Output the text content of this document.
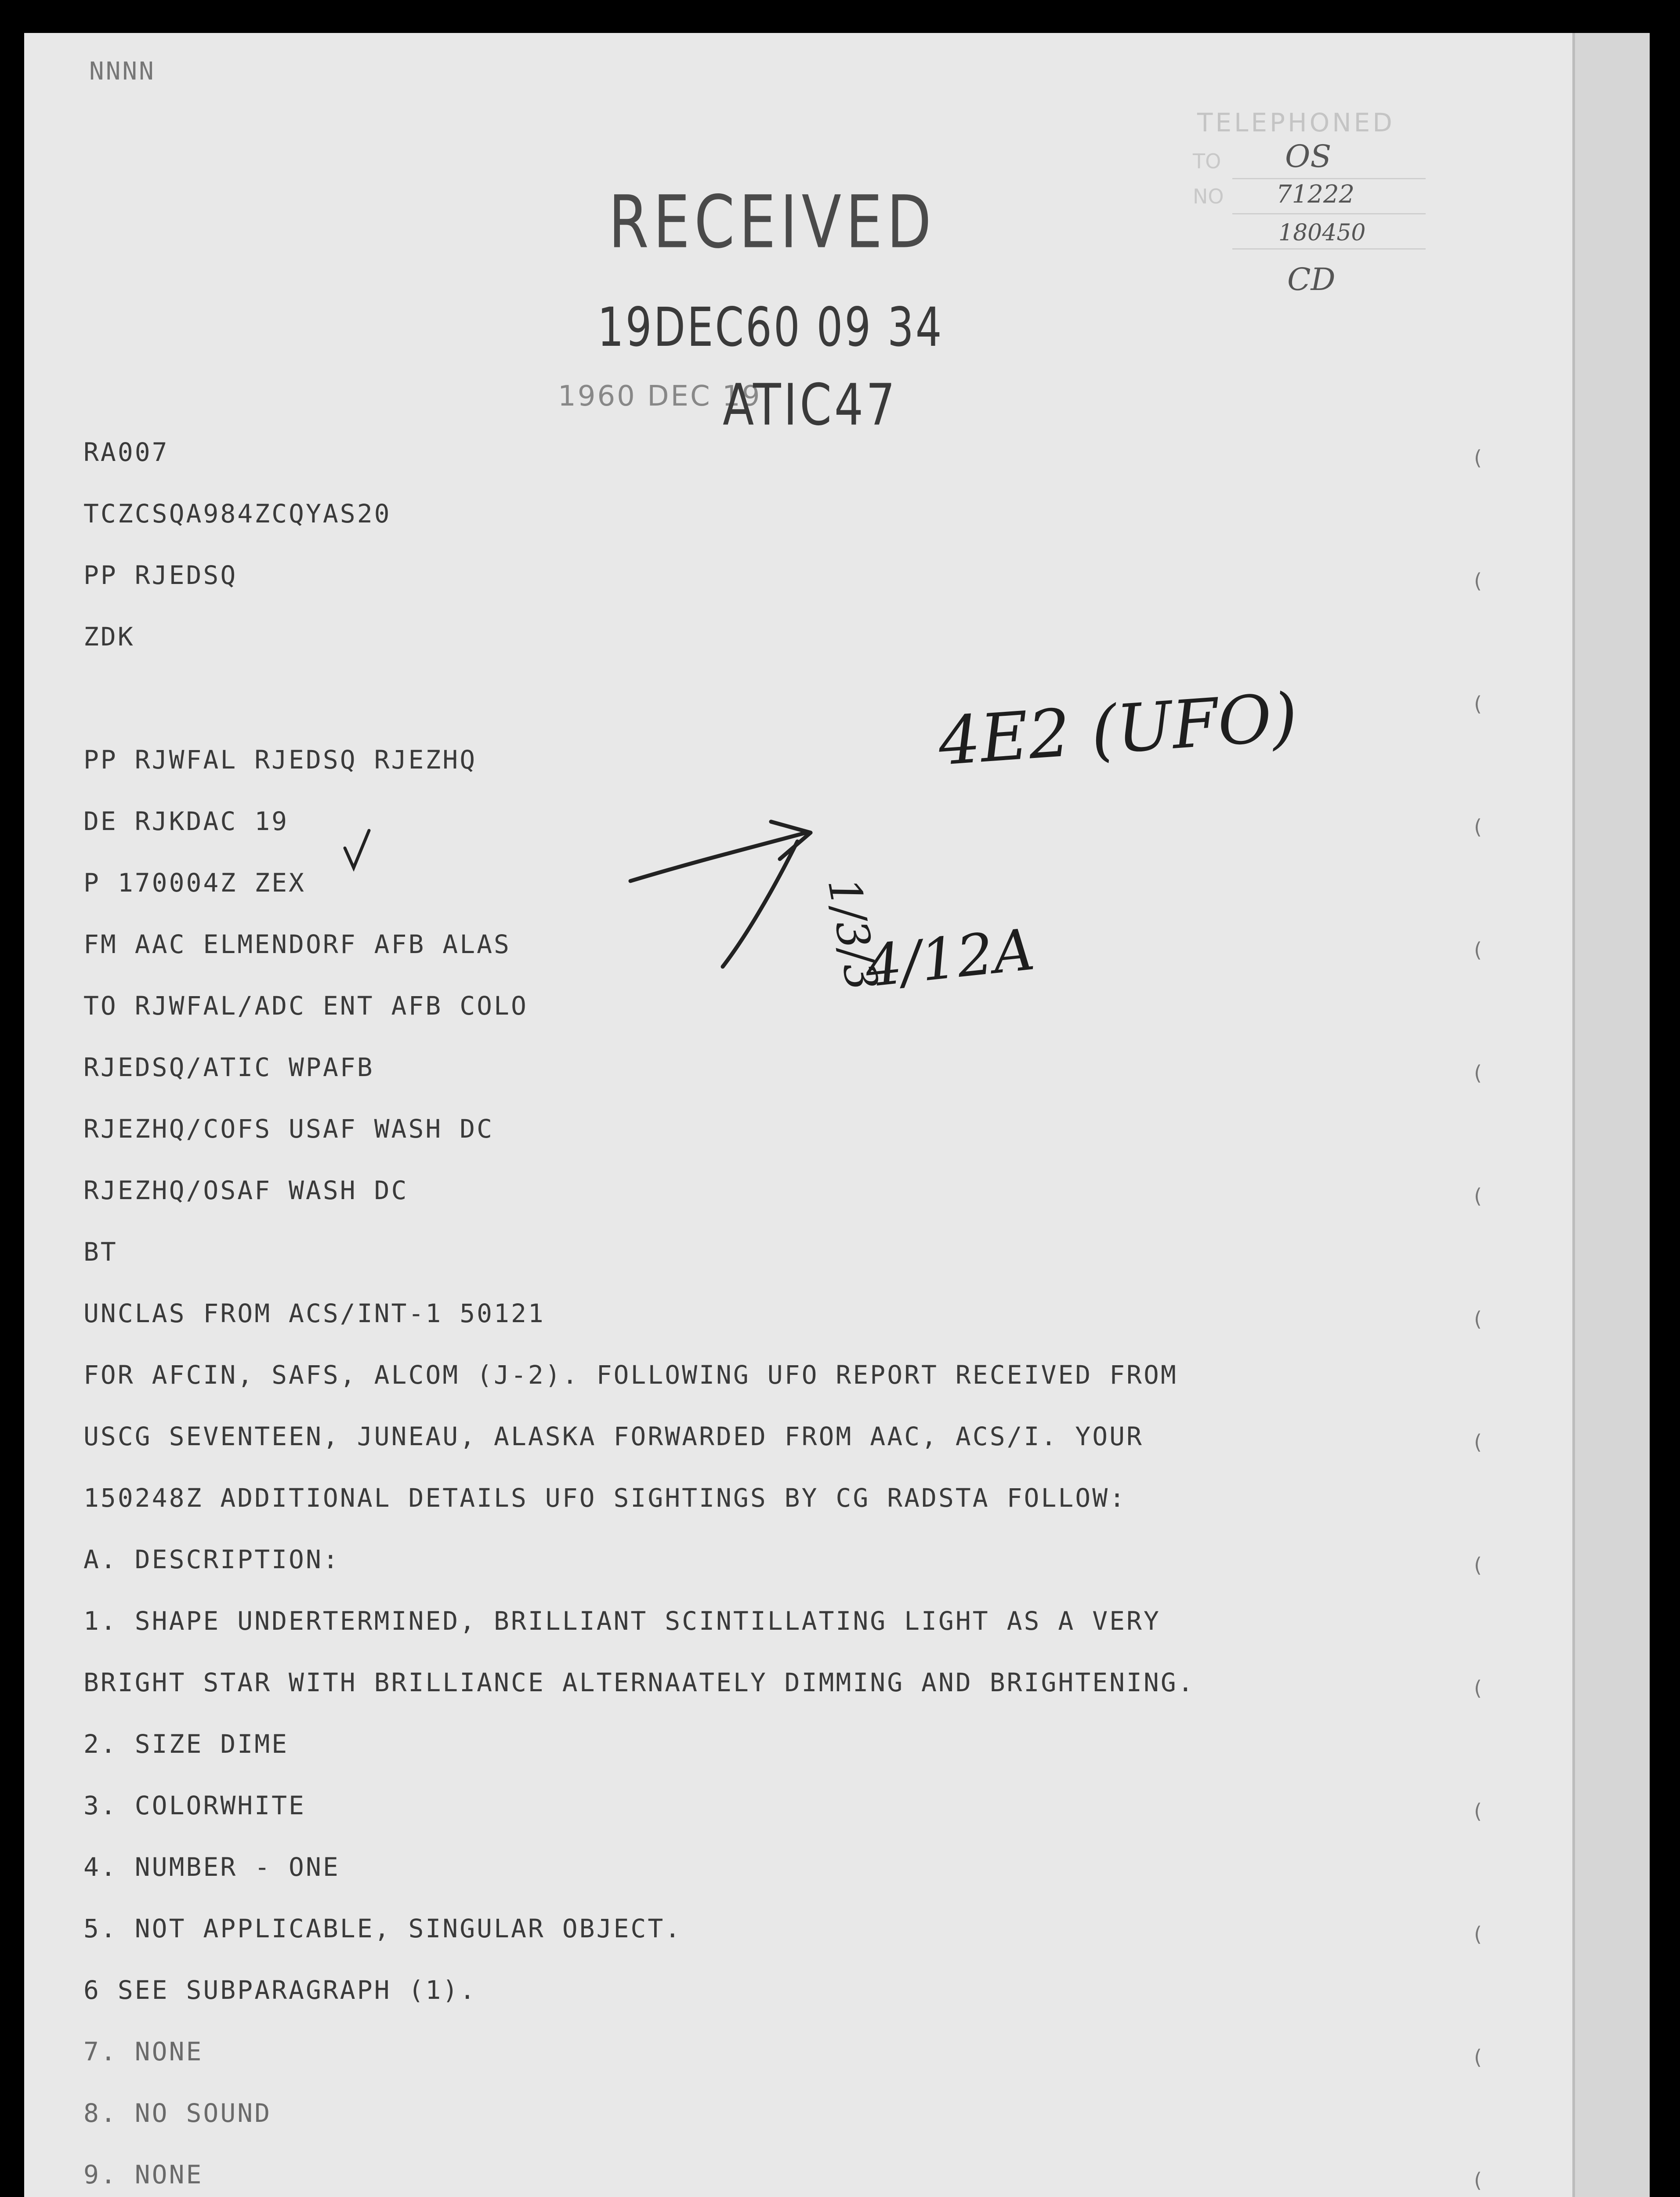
NNNN
RECEIVED
19DEC60 09 34
1960 DEC 19
ATIC47
TELEPHONED
TO OS
NO 71222
180450
CD
RA007
TCZCSQA984ZCQYAS20
PP RJEDSQ
ZDK
PP RJWFAL RJEDSQ RJEZHQ
DE RJKDAC 19
P 170004Z ZEX
FM AAC ELMENDORF AFB ALAS
TO RJWFAL/ADC ENT AFB COLO
RJEDSQ/ATIC WPAFB
RJEZHQ/COFS USAF WASH DC
RJEZHQ/OSAF WASH DC
BT
UNCLAS FROM ACS/INT-1 50121
FOR AFCIN, SAFS, ALCOM (J-2). FOLLOWING UFO REPORT RECEIVED FROM
USCG SEVENTEEN, JUNEAU, ALASKA FORWARDED FROM AAC, ACS/I. YOUR
150248Z ADDITIONAL DETAILS UFO SIGHTINGS BY CG RADSTA FOLLOW:
A. DESCRIPTION:
1. SHAPE UNDERTERMINED, BRILLIANT SCINTILLATING LIGHT AS A VERY
BRIGHT STAR WITH BRILLIANCE ALTERNAATELY DIMMING AND BRIGHTENING.
2. SIZE DIME
3. COLORWHITE
4. NUMBER - ONE
5. NOT APPLICABLE, SINGULAR OBJECT.
6 SEE SUBPARAGRAPH (1).
7. NONE
8. NO SOUND
9. NONE
(
(
(
(
(
(
(
(
(
(
(
(
(
(
(
4E2 (UFO)
1/3/3
4/12A
